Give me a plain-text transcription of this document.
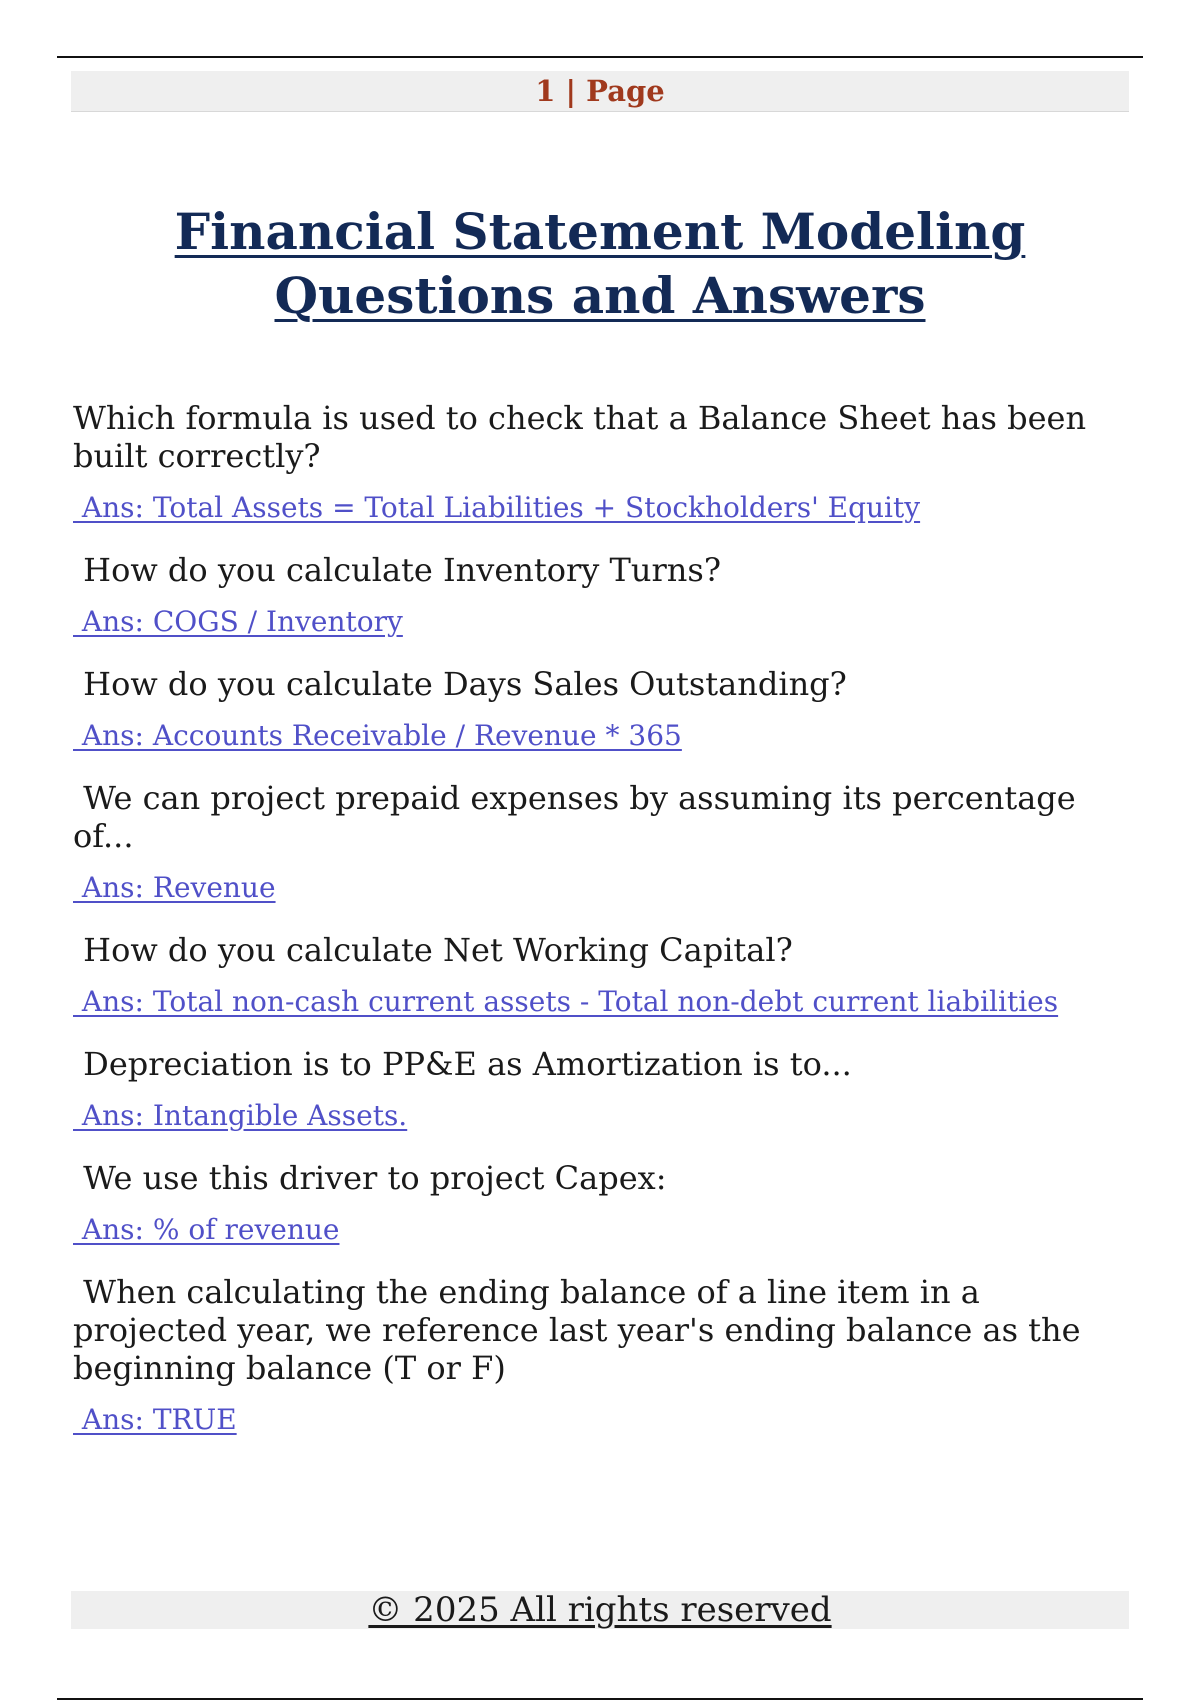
1 | Page
Financial Statement Modeling Questions and Answers

Which formula is used to check that a Balance Sheet has been built correctly?

Ans: Total Assets = Total Liabilities + Stockholders' Equity

How do you calculate Inventory Turns?

Ans: COGS / Inventory

How do you calculate Days Sales Outstanding?

Ans: Accounts Receivable / Revenue * 365

We can project prepaid expenses by assuming its percentage of...

Ans: Revenue

How do you calculate Net Working Capital?

Ans: Total non-cash current assets - Total non-debt current liabilities

Depreciation is to PP&E as Amortization is to...

Ans: Intangible Assets.

We use this driver to project Capex:

Ans: % of revenue

When calculating the ending balance of a line item in a projected year, we reference last year's ending balance as the beginning balance (T or F)

Ans: TRUE
© 2025 All rights reserved
